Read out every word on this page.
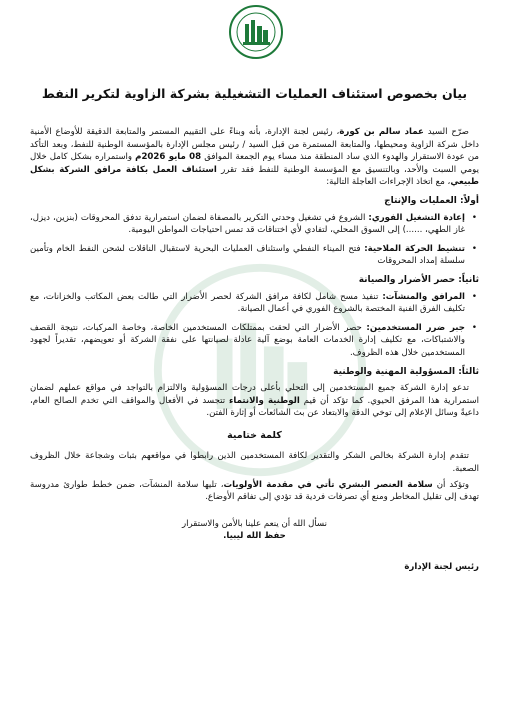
بيان بخصوص استئناف العمليات التشغيلية بشركة الزاوية لتكرير النفط

صرّح السيد عماد سالم بن كورة، رئيس لجنة الإدارة، بأنه وبناءً على التقييم المستمر والمتابعة الدقيقة للأوضاع الأمنية داخل شركة الزاوية ومحيطها، والمتابعة المستمرة من قبل السيد / رئيس مجلس الإدارة بالمؤسسة الوطنية للنفط، وبعد التأكد من عودة الاستقرار والهدوء الذي ساد المنطقة منذ مساء يوم الجمعة الموافق 08 مايو 2026م واستمراره بشكل كامل خلال يومي السبت والأحد، وبالتنسيق مع المؤسسة الوطنية للنفط فقد تقرر استئناف العمل بكافة مرافق الشركة بشكل طبيعي، مع اتخاذ الإجراءات العاجلة التالية:

أولاً: العمليات والإنتاج
•
إعادة التشغيل الفوري: الشروع في تشغيل وحدتي التكرير بالمصفاة لضمان استمرارية تدفق المحروقات (بنزين، ديزل، غاز الطهي، ......) إلى السوق المحلي، لتفادي لأي اختناقات قد تمس احتياجات المواطن اليومية.
•
تنشيط الحركة الملاحية: فتح الميناء النفطي واستئناف العمليات البحرية لاستقبال الناقلات لشحن النفط الخام وتأمين سلسلة إمداد المحروقات
ثانياً: حصر الأضرار والصيانة
•
المرافق والمنشآت: تنفيذ مسح شامل لكافة مرافق الشركة لحصر الأضرار التي طالت بعض المكاتب والخزانات، مع تكليف الفرق الفنية المختصة بالشروع الفوري في أعمال الصيانة.
•
جبر ضرر المستخدمين: حصر الأضرار التي لحقت بممتلكات المستخدمين الخاصة، وخاصة المركبات، نتيجة القصف والاشتباكات، مع تكليف إدارة الخدمات العامة بوضع آلية عادلة لصيانتها على نفقة الشركة أو تعويضهم، تقديراً لجهود المستخدمين خلال هذه الظروف.
ثالثاً: المسؤولية المهنية والوطنية

تدعو إدارة الشركة جميع المستخدمين إلى التحلي بأعلى درجات المسؤولية والالتزام بالتواجد في مواقع عملهم لضمان استمرارية هذا المرفق الحيوي. كما تؤكد أن قيم الوطنية والانتماء تتجسد في الأفعال والمواقف التي تخدم الصالح العام، داعيةً وسائل الإعلام إلى توخي الدقة والابتعاد عن بث الشائعات أو إثارة الفتن.

كلمة ختامية

تتقدم إدارة الشركة بخالص الشكر والتقدير لكافة المستخدمين الذين رابطوا في مواقعهم بثبات وشجاعة خلال الظروف الصعبة.

وتؤكد أن سلامة العنصر البشري تأتي في مقدمة الأولويات، تليها سلامة المنشآت، ضمن خطط طوارئ مدروسة تهدف إلى تقليل المخاطر ومنع أي تصرفات فردية قد تؤدي إلى تفاقم الأوضاع.

نسأل الله أن ينعم علينا بالأمن والاستقرار
حفظ الله ليبيا.
رئيس لجنة الإدارة
